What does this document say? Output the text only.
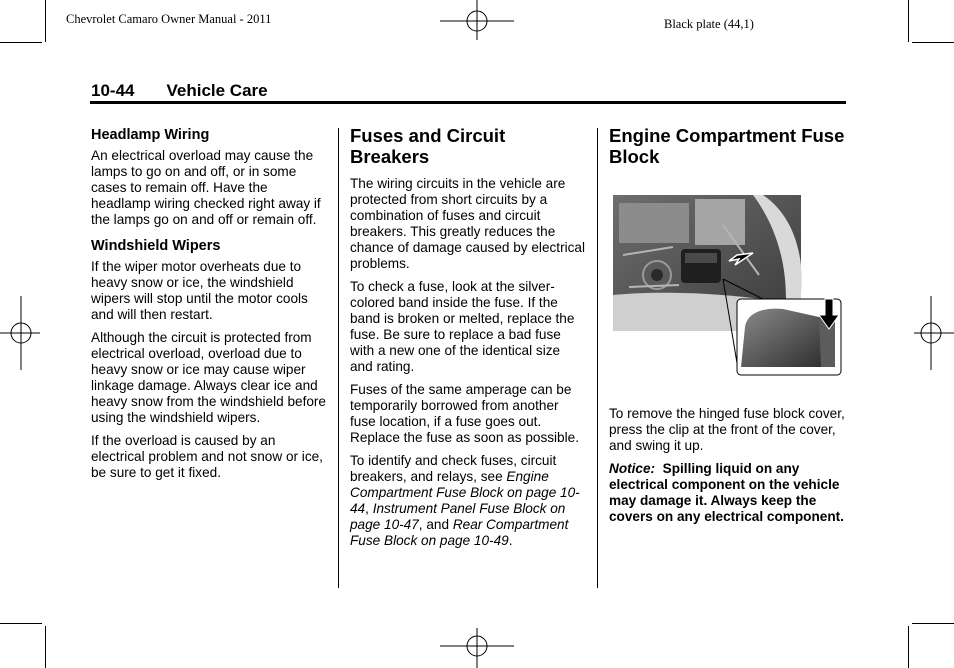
Chevrolet Camaro Owner Manual - 2011	Black plate (44,1)
10-44 Vehicle Care
Headlamp Wiring

An electrical overload may cause the lamps to go on and off, or in some cases to remain off. Have the headlamp wiring checked right away if the lamps go on and off or remain off.

Windshield Wipers

If the wiper motor overheats due to heavy snow or ice, the windshield wipers will stop until the motor cools and will then restart.

Although the circuit is protected from electrical overload, overload due to heavy snow or ice may cause wiper linkage damage. Always clear ice and heavy snow from the windshield before using the windshield wipers.

If the overload is caused by an electrical problem and not snow or ice, be sure to get it fixed.

Fuses and Circuit Breakers

The wiring circuits in the vehicle are protected from short circuits by a combination of fuses and circuit breakers. This greatly reduces the chance of damage caused by electrical problems.

To check a fuse, look at the silver-colored band inside the fuse. If the band is broken or melted, replace the fuse. Be sure to replace a bad fuse with a new one of the identical size and rating.

Fuses of the same amperage can be temporarily borrowed from another fuse location, if a fuse goes out. Replace the fuse as soon as possible.

To identify and check fuses, circuit breakers, and relays, see Engine Compartment Fuse Block on page 10-44, Instrument Panel Fuse Block on page 10-47, and Rear Compartment Fuse Block on page 10-49.

Engine Compartment Fuse Block

To remove the hinged fuse block cover, press the clip at the front of the cover, and swing it up.

Notice: Spilling liquid on any electrical component on the vehicle may damage it. Always keep the covers on any electrical component.
